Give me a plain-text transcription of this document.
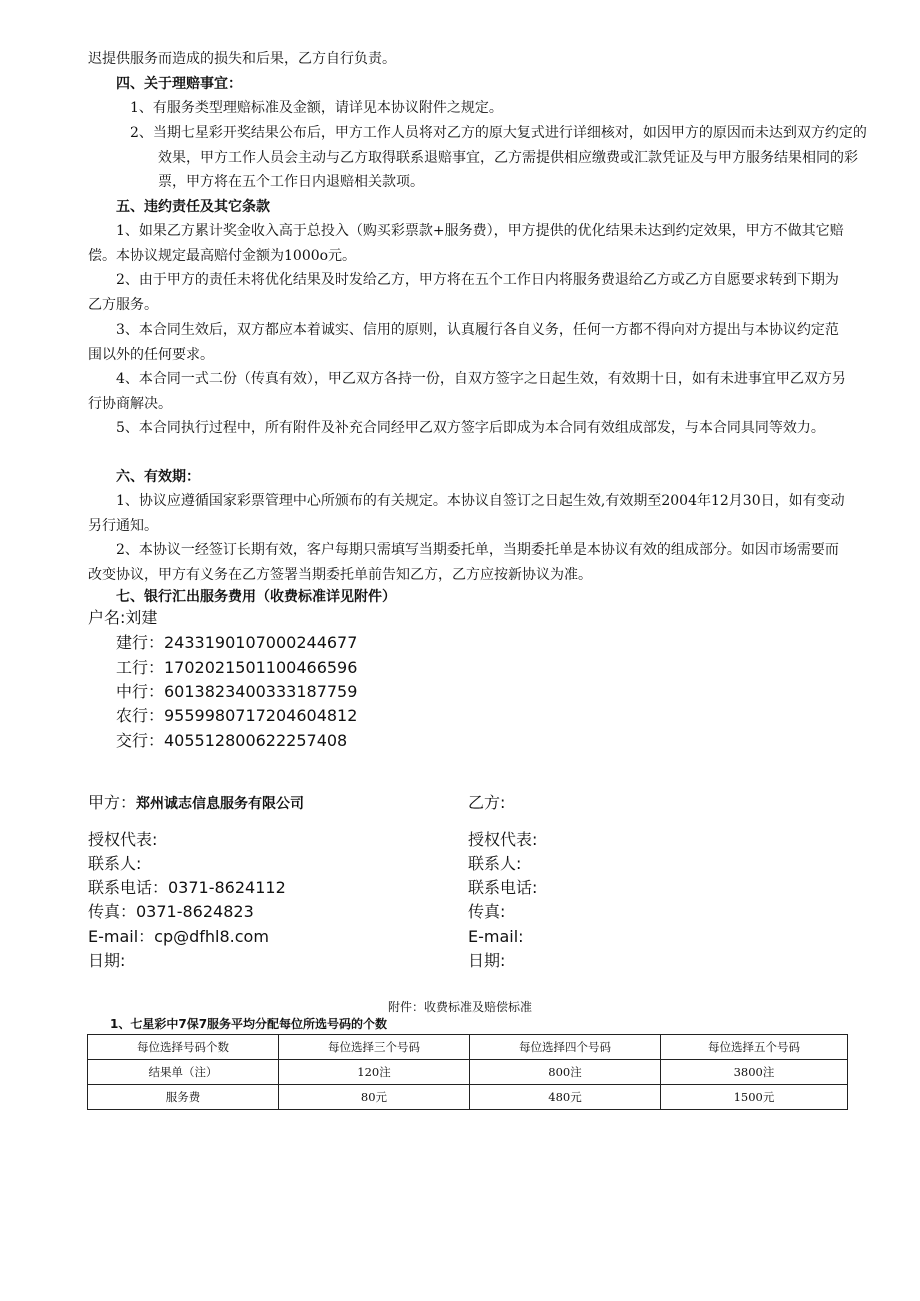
迟提供服务而造成的损失和后果，乙方自行负责。

四、关于理赔事宜：
1、有服务类型理赔标准及金额，请详见本协议附件之规定。
2、当期七星彩开奖结果公布后，甲方工作人员将对乙方的原大复式进行详细核对，如因甲方的原因而未达到双方约定的效果，甲方工作人员会主动与乙方取得联系退赔事宜，乙方需提供相应缴费或汇款凭证及与甲方服务结果相同的彩票，甲方将在五个工作日内退赔相关款项。
五、违约责任及其它条款

1、如果乙方累计奖金收入高于总投入（购买彩票款+服务费），甲方提供的优化结果未达到约定效果，甲方不做其它赔偿。本协议规定最高赔付金额为1000o元。

2、由于甲方的责任未将优化结果及时发给乙方，甲方将在五个工作日内将服务费退给乙方或乙方自愿要求转到下期为乙方服务。

3、本合同生效后，双方都应本着诚实、信用的原则，认真履行各自义务，任何一方都不得向对方提出与本协议约定范围以外的任何要求。

4、本合同一式二份（传真有效），甲乙双方各持一份，自双方签字之日起生效，有效期十日，如有未进事宜甲乙双方另行协商解决。

5、本合同执行过程中，所有附件及补充合同经甲乙双方签字后即成为本合同有效组成部发，与本合同具同等效力。

六、有效期：

1、协议应遵循国家彩票管理中心所颁布的有关规定。本协议自签订之日起生效,有效期至2004年12月30日，如有变动另行通知。

2、本协议一经签订长期有效，客户每期只需填写当期委托单，当期委托单是本协议有效的组成部分。如因市场需要而改变协议，甲方有义务在乙方签署当期委托单前告知乙方，乙方应按新协议为准。

七、银行汇出服务费用（收费标准详见附件）
户名:刘建
建行：2433190107000244677
工行：1702021501100466596
中行：6013823400333187759
农行：9559980717204604812
交行：405512800622257408
甲方：郑州诚志信息服务有限公司
授权代表:
联系人:
联系电话：0371-8624112
传真：0371-8624823
E-mail：cp@dfhl8.com
日期:
乙方:
授权代表:
联系人:
联系电话:
传真:
E-mail:
日期:
附件：收费标准及赔偿标准
1、七星彩中7保7服务平均分配每位所选号码的个数
每位选择号码个数	每位选择三个号码	每位选择四个号码	每位选择五个号码
结果单（注）	120注	800注	3800注
服务费	80元	480元	1500元
